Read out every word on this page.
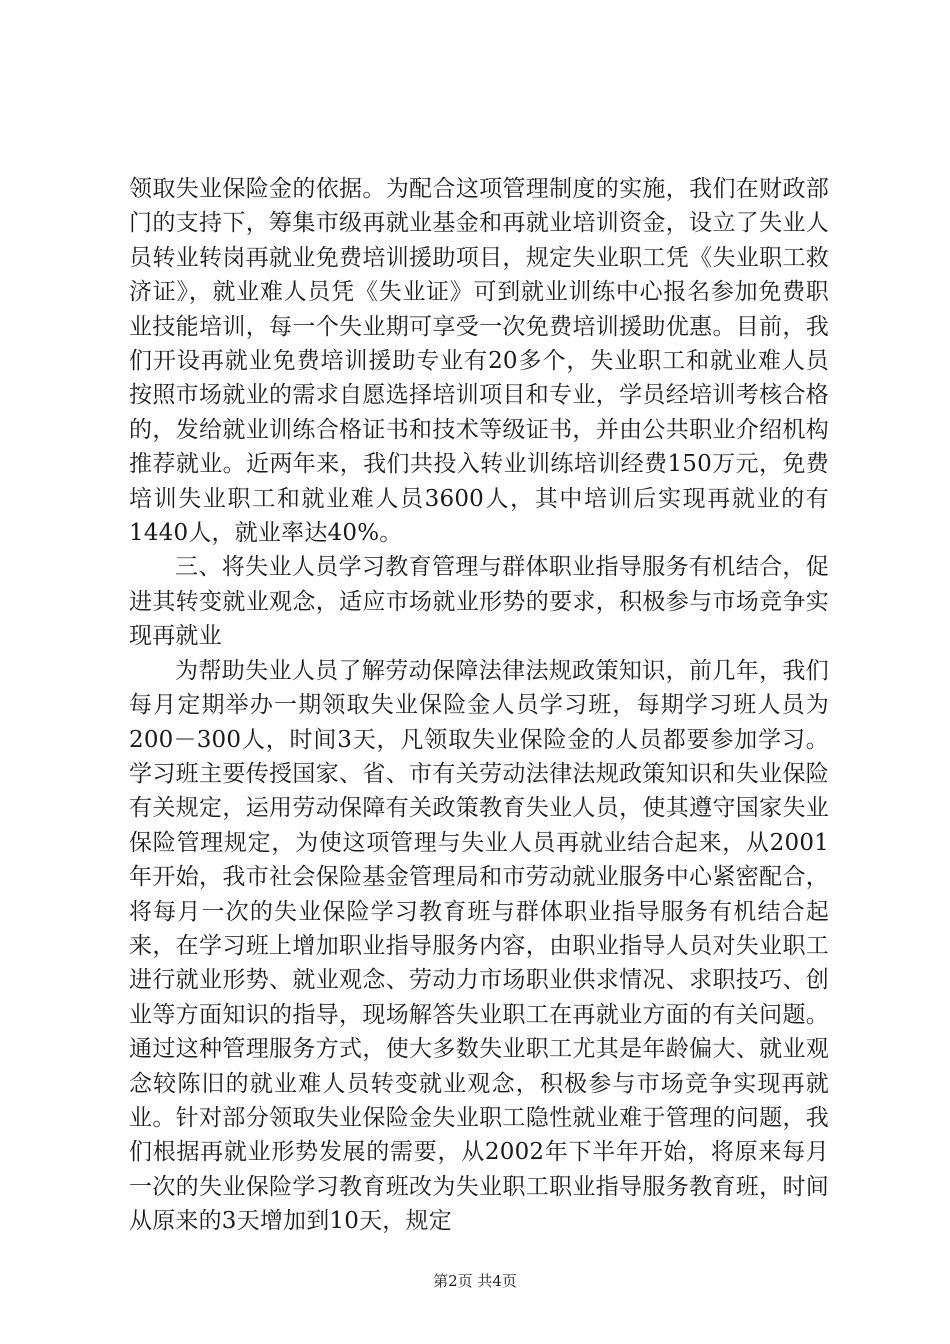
领取失业保险金的依据。为配合这项管理制度的实施，我们在财政部门的支持下，筹集市级再就业基金和再就业培训资金，设立了失业人员转业转岗再就业免费培训援助项目，规定失业职工凭《失业职工救济证》，就业难人员凭《失业证》可到就业训练中心报名参加免费职业技能培训，每一个失业期可享受一次免费培训援助优惠。目前，我们开设再就业免费培训援助专业有20多个，失业职工和就业难人员按照市场就业的需求自愿选择培训项目和专业，学员经培训考核合格的，发给就业训练合格证书和技术等级证书，并由公共职业介绍机构推荐就业。近两年来，我们共投入转业训练培训经费150万元，免费培训失业职工和就业难人员3600人，其中培训后实现再就业的有1440人，就业率达40%。

三、将失业人员学习教育管理与群体职业指导服务有机结合，促进其转变就业观念，适应市场就业形势的要求，积极参与市场竞争实现再就业

为帮助失业人员了解劳动保障法律法规政策知识，前几年，我们每月定期举办一期领取失业保险金人员学习班，每期学习班人员为200－300人，时间3天，凡领取失业保险金的人员都要参加学习。学习班主要传授国家、省、市有关劳动法律法规政策知识和失业保险有关规定，运用劳动保障有关政策教育失业人员，使其遵守国家失业保险管理规定，为使这项管理与失业人员再就业结合起来，从2001年开始，我市社会保险基金管理局和市劳动就业服务中心紧密配合，将每月一次的失业保险学习教育班与群体职业指导服务有机结合起来，在学习班上增加职业指导服务内容，由职业指导人员对失业职工进行就业形势、就业观念、劳动力市场职业供求情况、求职技巧、创业等方面知识的指导，现场解答失业职工在再就业方面的有关问题。通过这种管理服务方式，使大多数失业职工尤其是年龄偏大、就业观念较陈旧的就业难人员转变就业观念，积极参与市场竞争实现再就业。针对部分领取失业保险金失业职工隐性就业难于管理的问题，我们根据再就业形势发展的需要，从2002年下半年开始，将原来每月一次的失业保险学习教育班改为失业职工职业指导服务教育班，时间从原来的3天增加到10天，规定

第2页 共4页
